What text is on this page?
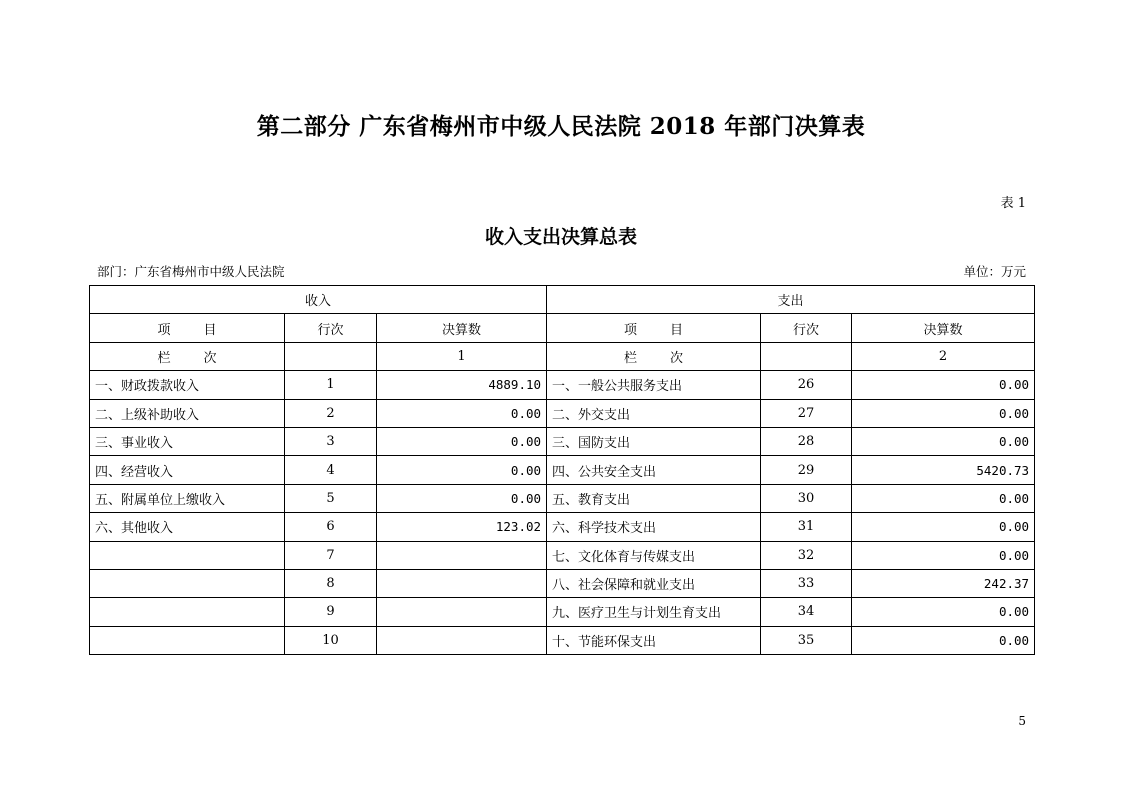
第二部分 广东省梅州市中级人民法院 2018 年部门决算表
表 1
收入支出决算总表
部门：广东省梅州市中级人民法院	单位：万元
收入			支出		
项        目	行次	决算数	项        目	行次	决算数
栏        次		1	栏        次		2
一、财政拨款收入	1	4889.10	一、一般公共服务支出	26	0.00
二、上级补助收入	2	0.00	二、外交支出	27	0.00
三、事业收入	3	0.00	三、国防支出	28	0.00
四、经营收入	4	0.00	四、公共安全支出	29	5420.73
五、附属单位上缴收入	5	0.00	五、教育支出	30	0.00
六、其他收入	6	123.02	六、科学技术支出	31	0.00
	7		七、文化体育与传媒支出	32	0.00
	8		八、社会保障和就业支出	33	242.37
	9		九、医疗卫生与计划生育支出	34	0.00
	10		十、节能环保支出	35	0.00
5
